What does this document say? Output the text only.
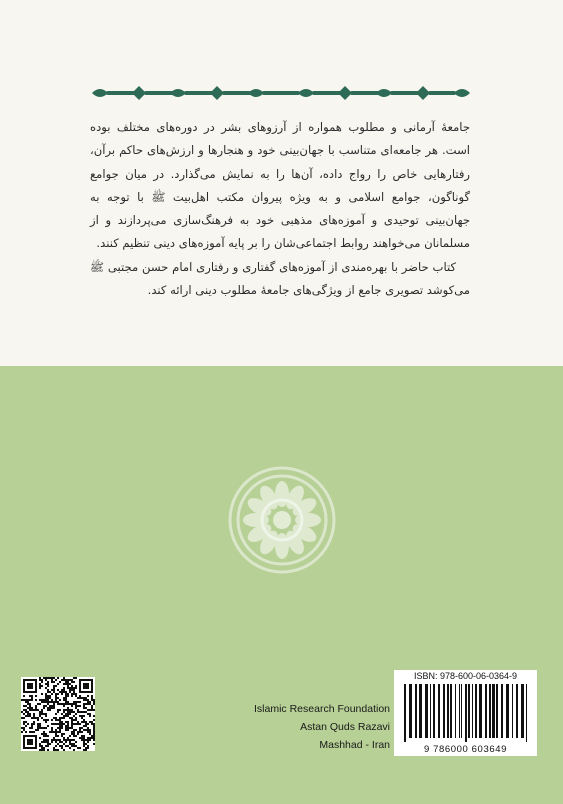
جامعهٔ آرمانی و مطلوب همواره از آرزوهای بشر در دوره‌های مختلف بوده است. هر جامعه‌ای متناسب با جهان‌بینی خود و هنجارها و ارزش‌های حاکم برآن، رفتارهایی خاص را رواج داده، آن‌ها را به نمایش می‌گذارد. در میان جوامع گوناگون، جوامع اسلامی و به ویژه پیروان مکتب اهل‌بیت ﷺ با توجه به جهان‌بینی توحیدی و آموزه‌های مذهبی خود به فرهنگ‌سازی می‌پردازند و از مسلمانان می‌خواهند روابط اجتماعی‌شان را بر پایه آموزه‌های دینی تنظیم کنند.

کتاب حاضر با بهره‌مندی از آموزه‌های گفتاری و رفتاری امام حسن مجتبی ﷺ می‌کوشد تصویری جامع از ویژگی‌های جامعهٔ مطلوب دینی ارائه کند.

Islamic Research Foundation
Astan Quds Razavi
Mashhad - Iran
ISBN: 978-600-06-0364-9
9 786000 603649
